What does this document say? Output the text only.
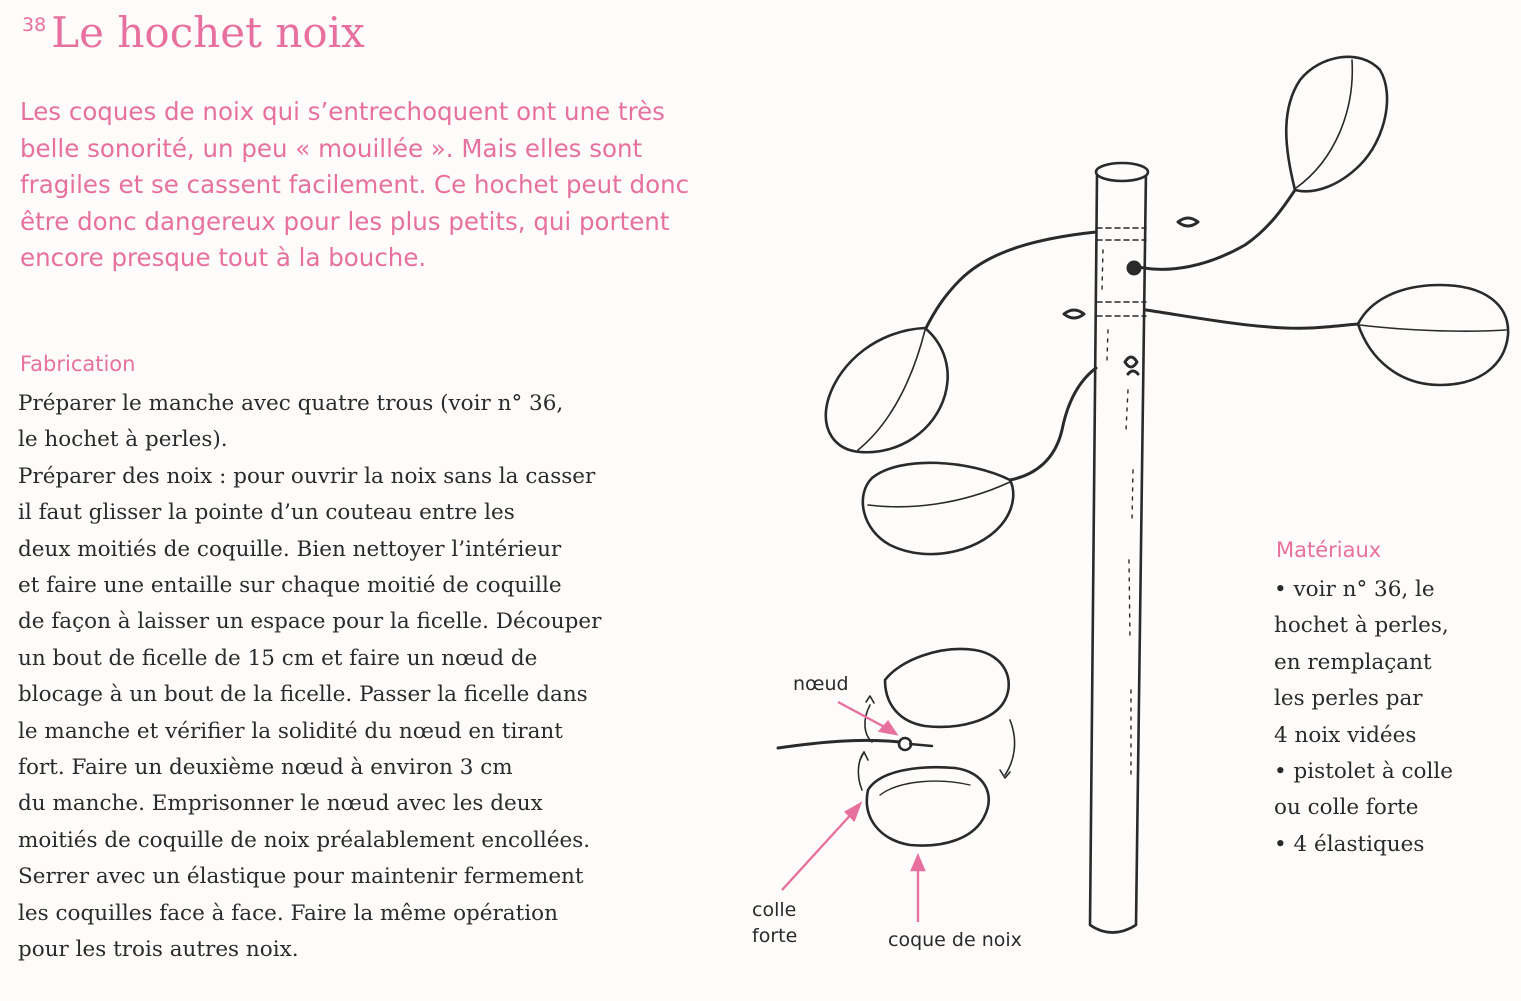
38 Le hochet noix
Les coques de noix qui s’entrechoquent ont une très
belle sonorité, un peu « mouillée ». Mais elles sont
fragiles et se cassent facilement. Ce hochet peut donc
être donc dangereux pour les plus petits, qui portent
encore presque tout à la bouche.
Fabrication
Préparer le manche avec quatre trous (voir n° 36,
le hochet à perles).
Préparer des noix : pour ouvrir la noix sans la casser
il faut glisser la pointe d’un couteau entre les
deux moitiés de coquille. Bien nettoyer l’intérieur
et faire une entaille sur chaque moitié de coquille
de façon à laisser un espace pour la ficelle. Découper
un bout de ficelle de 15 cm et faire un nœud de
blocage à un bout de la ficelle. Passer la ficelle dans
le manche et vérifier la solidité du nœud en tirant
fort. Faire un deuxième nœud à environ 3 cm
du manche. Emprisonner le nœud avec les deux
moitiés de coquille de noix préalablement encollées.
Serrer avec un élastique pour maintenir fermement
les coquilles face à face. Faire la même opération
pour les trois autres noix.
nœud
colle
forte	coque de noix
Matériaux
• voir n° 36, le
hochet à perles,
en remplaçant
les perles par
4 noix vidées
• pistolet à colle
ou colle forte
• 4 élastiques
